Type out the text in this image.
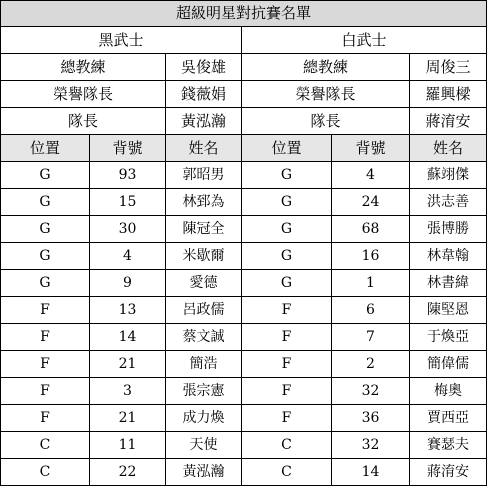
超級明星對抗賽名單					
黑武士			白武士		
總教練		吳俊雄	總教練		周俊三
榮譽隊長		錢薇娟	榮譽隊長		羅興樑
隊長		黃泓瀚	隊長		蔣淯安
位置	背號	姓名	位置	背號	姓名
G	93	郭昭男	G	4	蘇翊傑
G	15	林郅為	G	24	洪志善
G	30	陳冠全	G	68	張博勝
G	4	米歇爾	G	16	林韋翰
G	9	愛德	G	1	林書緯
F	13	呂政儒	F	6	陳堅恩
F	14	蔡文誠	F	7	于煥亞
F	21	簡浩	F	2	簡偉儒
F	3	張宗憲	F	32	梅奧
F	21	成力煥	F	36	賈西亞
C	11	天使	C	32	賽瑟夫
C	22	黃泓瀚	C	14	蔣淯安
